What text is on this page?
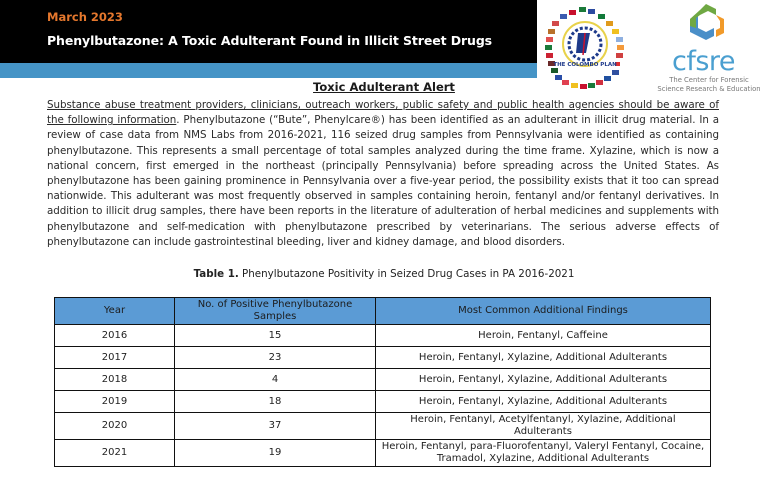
March 2023
Phenylbutazone: A Toxic Adulterant Found in Illicit Street Drugs
THE COLOMBO PLAN cfsre
The Center for Forensic
Science Research & Education
Toxic Adulterant Alert
Substance abuse treatment providers, clinicians, outreach workers, public safety and public health agencies should be aware of the following information. Phenylbutazone (“Bute”, Phenylcare®) has been identified as an adulterant in illicit drug material. In a review of case data from NMS Labs from 2016-2021, 116 seized drug samples from Pennsylvania were identified as containing phenylbutazone. This represents a small percentage of total samples analyzed during the time frame. Xylazine, which is now a national concern, first emerged in the northeast (principally Pennsylvania) before spreading across the United States. As phenylbutazone has been gaining prominence in Pennsylvania over a five-year period, the possibility exists that it too can spread nationwide. This adulterant was most frequently observed in samples containing heroin, fentanyl and/or fentanyl derivatives. In addition to illicit drug samples, there have been reports in the literature of adulteration of herbal medicines and supplements with phenylbutazone and self-medication with phenylbutazone prescribed by veterinarians. The serious adverse effects of phenylbutazone can include gastrointestinal bleeding, liver and kidney damage, and blood disorders.
Table 1. Phenylbutazone Positivity in Seized Drug Cases in PA 2016-2021
Year	No. of Positive Phenylbutazone Samples	Most Common Additional Findings
2016	15	Heroin, Fentanyl, Caffeine
2017	23	Heroin, Fentanyl, Xylazine, Additional Adulterants
2018	4	Heroin, Fentanyl, Xylazine, Additional Adulterants
2019	18	Heroin, Fentanyl, Xylazine, Additional Adulterants
2020	37	Heroin, Fentanyl, Acetylfentanyl, Xylazine, Additional Adulterants
2021	19	Heroin, Fentanyl, para-Fluorofentanyl, Valeryl Fentanyl, Cocaine, Tramadol, Xylazine, Additional Adulterants
